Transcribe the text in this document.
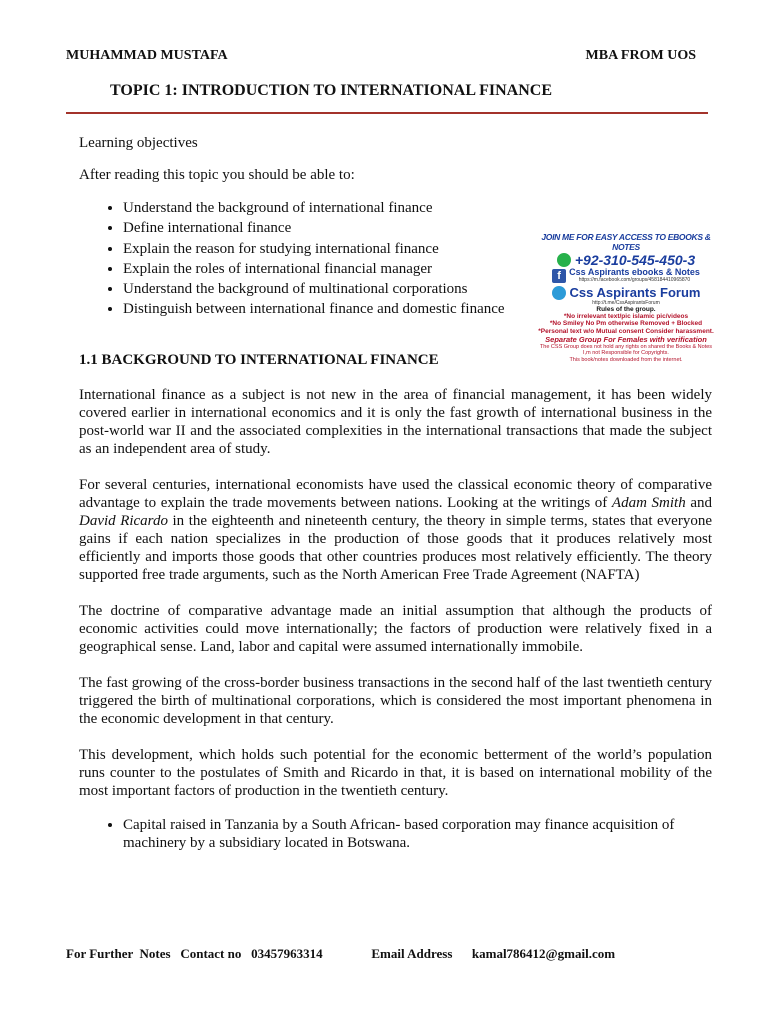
MUHAMMAD MUSTAFA	MBA FROM UOS
TOPIC 1: INTRODUCTION TO INTERNATIONAL FINANCE

Learning objectives

After reading this topic you should be able to:

• Understand the background of international finance
• Define international finance
• Explain the reason for studying international finance
• Explain the roles of international financial manager
• Understand the background of multinational corporations
• Distinguish between international finance and domestic finance
1.1 BACKGROUND TO INTERNATIONAL FINANCE

International finance as a subject is not new in the area of financial management, it has been widely covered earlier in international economics and it is only the fast growth of international business in the post-world war II and the associated complexities in the international transactions that made the subject as an independent area of study.

For several centuries, international economists have used the classical economic theory of comparative advantage to explain the trade movements between nations. Looking at the writings of Adam Smith and David Ricardo in the eighteenth and nineteenth century, the theory in simple terms, states that everyone gains if each nation specializes in the production of those goods that it produces relatively most efficiently and imports those goods that other countries produces most relatively efficiently. The theory supported free trade arguments, such as the North American Free Trade Agreement (NAFTA)

The doctrine of comparative advantage made an initial assumption that although the products of economic activities could move internationally; the factors of production were relatively fixed in a geographical sense. Land, labor and capital were assumed internationally immobile.

The fast growing of the cross-border business transactions in the second half of the last twentieth century triggered the birth of multinational corporations, which is considered the most important phenomena in the economic development in that century.

This development, which holds such potential for the economic betterment of the world’s population runs counter to the postulates of Smith and Ricardo in that, it is based on international mobility of the most important factors of production in the twentieth century.

• Capital raised in Tanzania by a South African- based corporation may finance acquisition of machinery by a subsidiary located in Botswana.
JOIN ME FOR EASY ACCESS TO EBOOKS & NOTES
+92-310-545-450-3
f Css Aspirants ebooks & Notes
https://m.facebook.com/groups/458184410965870
Css Aspirants Forum
http://t.me/CssAspirantsForum
Rules of the group.
*No irrelevant text/pic islamic pic/videos
*No Smiley No Pm otherwise Removed + Blocked
*Personal text w/o Mutual consent Consider harassment.
Separate Group For Females with verification
The CSS Group does not hold any rights on shared the Books & Notes
I,m not Responsible for Copyrights.
This book/notes downloaded from the internet.
For Further  Notes   Contact no   03457963314	Email Address kamal786412@gmail.com
